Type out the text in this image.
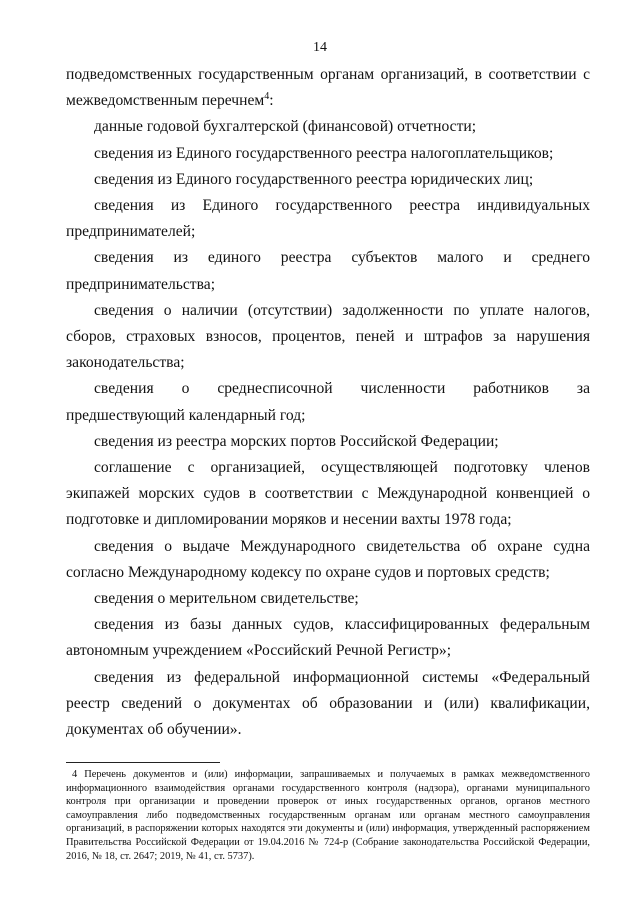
14

подведомственных государственным органам организаций, в соответствии с межведомственным перечнем$^4$:

данные годовой бухгалтерской (финансовой) отчетности;

сведения из Единого государственного реестра налогоплательщиков;

сведения из Единого государственного реестра юридических лиц;

сведения из Единого государственного реестра индивидуальных предпринимателей;

сведения из единого реестра субъектов малого и среднего предпринимательства;

сведения о наличии (отсутствии) задолженности по уплате налогов, сборов, страховых взносов, процентов, пеней и штрафов за нарушения законодательства;

сведения о среднесписочной численности работников за предшествующий календарный год;

сведения из реестра морских портов Российской Федерации;

соглашение с организацией, осуществляющей подготовку членов экипажей морских судов в соответствии с Международной конвенцией о подготовке и дипломировании моряков и несении вахты 1978 года;

сведения о выдаче Международного свидетельства об охране судна согласно Международному кодексу по охране судов и портовых средств;

сведения о мерительном свидетельстве;

сведения из базы данных судов, классифицированных федеральным автономным учреждением «Российский Речной Регистр»;

сведения из федеральной информационной системы «Федеральный реестр сведений о документах об образовании и (или) квалификации, документах об обучении».

4 Перечень документов и (или) информации, запрашиваемых и получаемых в рамках межведомственного информационного взаимодействия органами государственного контроля (надзора), органами муниципального контроля при организации и проведении проверок от иных государственных органов, органов местного самоуправления либо подведомственных государственным органам или органам местного самоуправления организаций, в распоряжении которых находятся эти документы и (или) информация, утвержденный распоряжением Правительства Российской Федерации от 19.04.2016 № 724-р (Собрание законодательства Российской Федерации, 2016, № 18, ст. 2647; 2019, № 41, ст. 5737).
